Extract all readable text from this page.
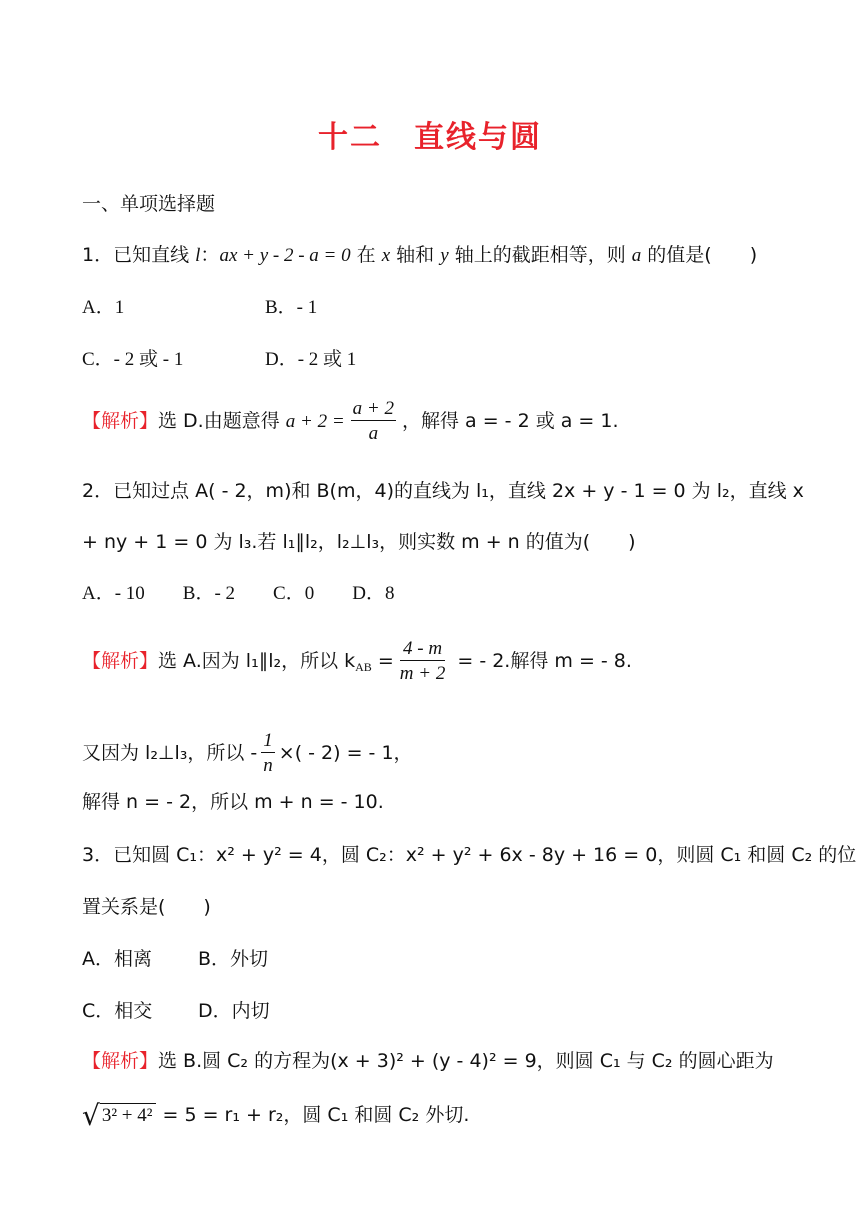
十二　直线与圆
一、单项选择题
1．已知直线 l：ax + y - 2 - a = 0 在 x 轴和 y 轴上的截距相等，则 a 的值是(　　)
A．1	B．- 1
C．- 2 或 - 1	D．- 2 或 1
【解析】选 D.由题意得 $a + 2 = \frac{a + 2}{a}$ ，解得 a = - 2 或 a = 1.
2．已知过点 A( - 2，m)和 B(m，4)的直线为 l₁，直线 2x + y - 1 = 0 为 l₂，直线 x
+ ny + 1 = 0 为 l₃.若 l₁∥l₂，l₂⊥l₃，则实数 m + n 的值为(　　)
A．- 10　　B．- 2　　C．0　　D．8
【解析】选 A.因为 l₁∥l₂，所以 $k_{AB} = \frac{4 - m}{m + 2}$ = - 2.解得 m = - 8.
又因为 l₂⊥l₃，所以 - $\frac{1}{n}$ ×( - 2) = - 1，
解得 n = - 2，所以 m + n = - 10.
3．已知圆 C₁：x² + y² = 4，圆 C₂：x² + y² + 6x - 8y + 16 = 0，则圆 C₁ 和圆 C₂ 的位
置关系是(　　)
A．相离 B．外切
C．相交 D．内切
【解析】选 B.圆 C₂ 的方程为(x + 3)² + (y - 4)² = 9，则圆 C₁ 与 C₂ 的圆心距为
√ 3² + 4² = 5 = r₁ + r₂，圆 C₁ 和圆 C₂ 外切.
